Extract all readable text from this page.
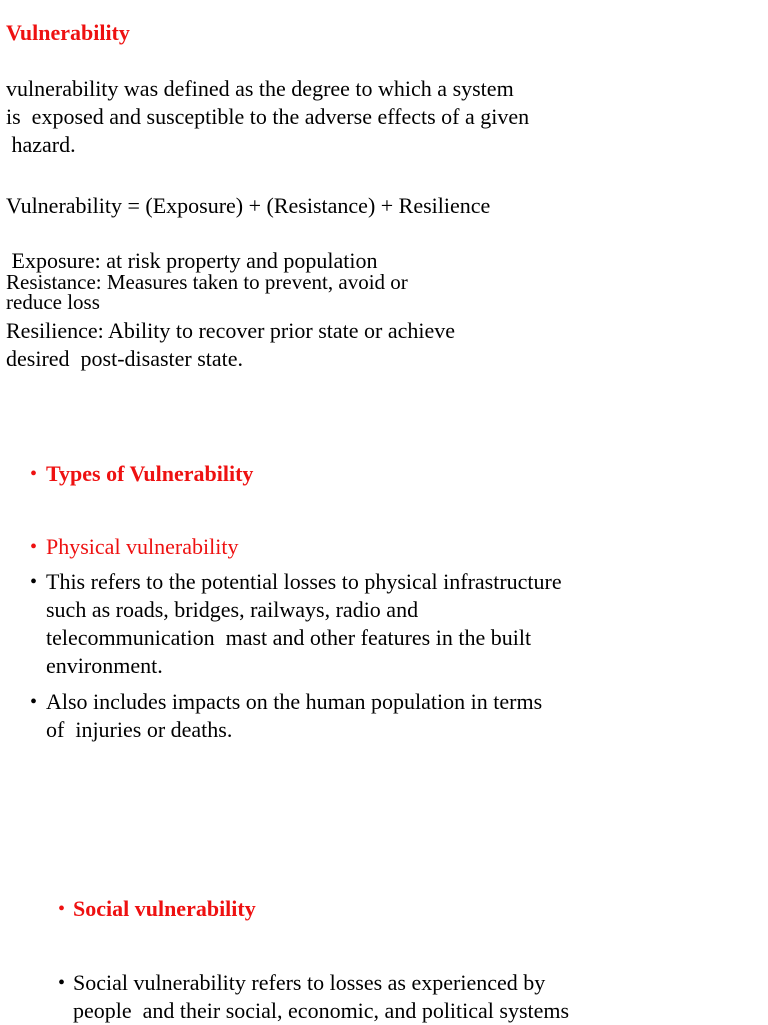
Vulnerability

vulnerability was defined as the degree to which a system

is  exposed and susceptible to the adverse effects of a given

hazard.

Vulnerability = (Exposure) + (Resistance) + Resilience

Exposure: at risk property and population

Resistance: Measures taken to prevent, avoid or

reduce loss

Resilience: Ability to recover prior state or achieve

desired  post-disaster state.

• Types of Vulnerability

• Physical vulnerability

• This refers to the potential losses to physical infrastructure

such as roads, bridges, railways, radio and

telecommunication  mast and other features in the built

environment.

• Also includes impacts on the human population in terms

of  injuries or deaths.

• Social vulnerability

• Social vulnerability refers to losses as experienced by

people  and their social, economic, and political systems
